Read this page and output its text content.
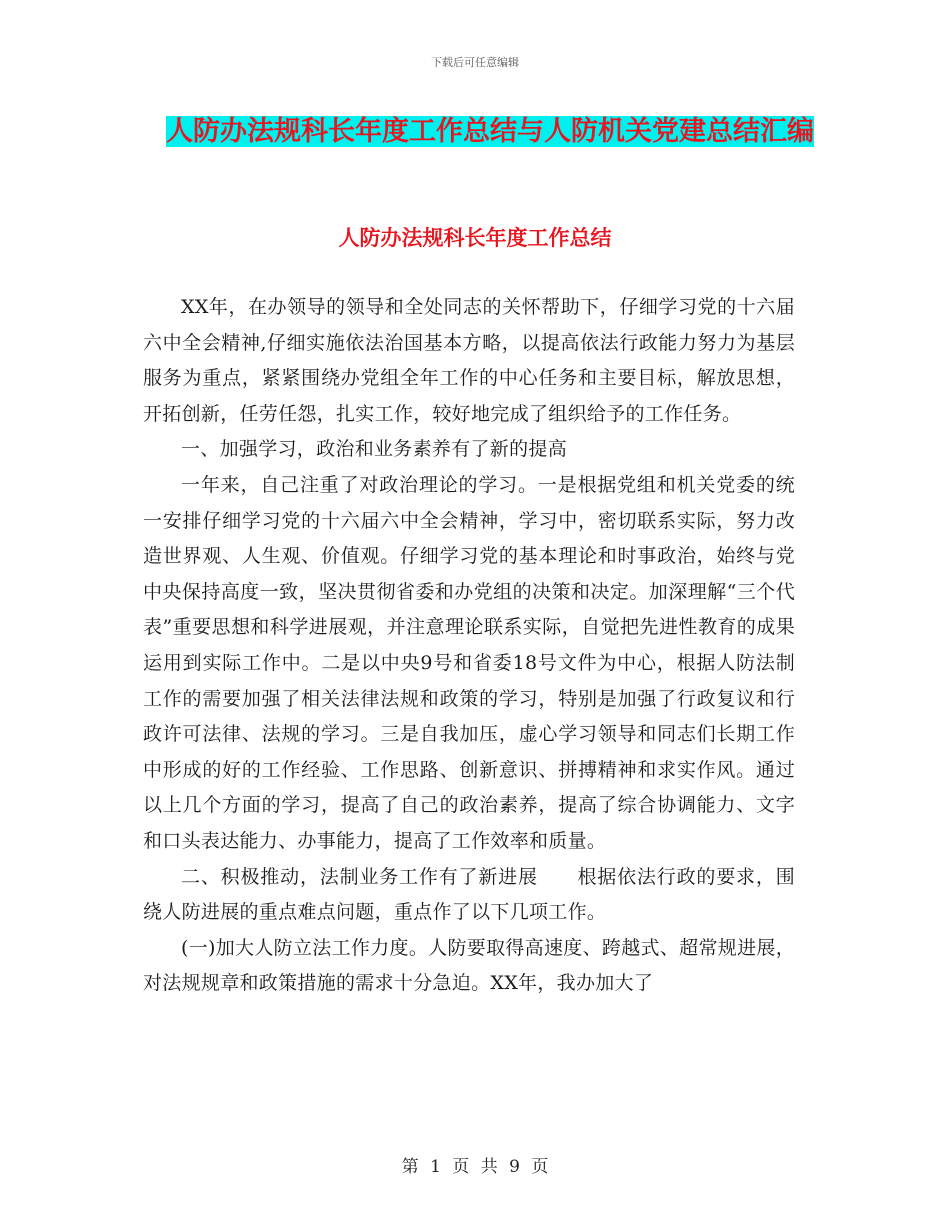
下载后可任意编辑
人防办法规科长年度工作总结与人防机关党建总结汇编
人防办法规科长年度工作总结

XX年，在办领导的领导和全处同志的关怀帮助下，仔细学习党的十六届六中全会精神,仔细实施依法治国基本方略，以提高依法行政能力努力为基层服务为重点，紧紧围绕办党组全年工作的中心任务和主要目标，解放思想，开拓创新，任劳任怨，扎实工作，较好地完成了组织给予的工作任务。

一、加强学习，政治和业务素养有了新的提高

一年来，自己注重了对政治理论的学习。一是根据党组和机关党委的统一安排仔细学习党的十六届六中全会精神，学习中，密切联系实际，努力改造世界观、人生观、价值观。仔细学习党的基本理论和时事政治，始终与党中央保持高度一致，坚决贯彻省委和办党组的决策和决定。加深理解“三个代表”重要思想和科学进展观，并注意理论联系实际，自觉把先进性教育的成果运用到实际工作中。二是以中央9号和省委18号文件为中心，根据人防法制工作的需要加强了相关法律法规和政策的学习，特别是加强了行政复议和行政许可法律、法规的学习。三是自我加压，虚心学习领导和同志们长期工作中形成的好的工作经验、工作思路、创新意识、拼搏精神和求实作风。通过以上几个方面的学习，提高了自己的政治素养，提高了综合协调能力、文字和口头表达能力、办事能力，提高了工作效率和质量。

二、积极推动，法制业务工作有了新进展　　根据依法行政的要求，围绕人防进展的重点难点问题，重点作了以下几项工作。

(一)加大人防立法工作力度。人防要取得高速度、跨越式、超常规进展，对法规规章和政策措施的需求十分急迫。XX年，我办加大了

第 1 页 共 9 页
